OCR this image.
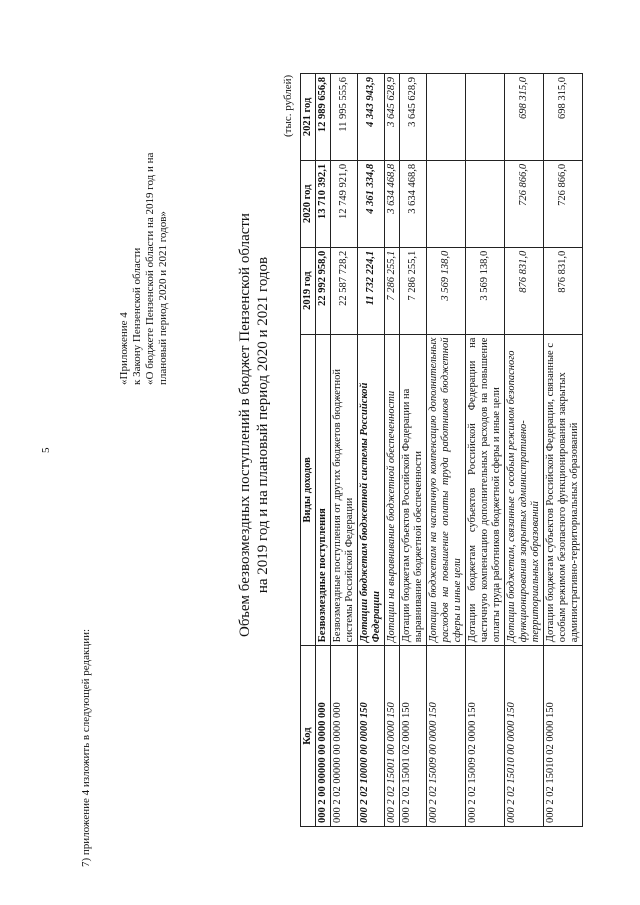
5
7) приложение 4 изложить в следующей редакции:
«Приложение 4 к Закону Пензенской области «О бюджете Пензенской области на 2019 год и на плановый период 2020 и 2021 годов»	Объем безвозмездных поступлений в бюджет Пензенской области на 2019 год и на плановый период 2020 и 2021 годов
(тыс. рублей)
Код	Виды доходов	2019 год	2020 год	2021 год
000 2 00 00000 00 0000 000	Безвозмездные поступления	22 992 958,0	13 710 392,1	12 989 656,8
000 2 02 00000 00 0000 000	Безвозмездные поступления от других бюджетов бюджетной системы Российской Федерации	22 587 728,2	12 749 921,0	11 995 555,6
000 2 02 10000 00 0000 150	Дотации бюджетам бюджетной системы Российской Федерации	11 732 224,1	4 361 334,8	4 343 943,9
000 2 02 15001 00 0000 150	Дотации на выравнивание бюджетной обеспеченности	7 286 255,1	3 634 468,8	3 645 628,9
000 2 02 15001 02 0000 150	Дотации бюджетам субъектов Российской Федерации на выравнивание бюджетной обеспеченности	7 286 255,1	3 634 468,8	3 645 628,9
000 2 02 15009 00 0000 150	Дотации бюджетам на частичную компенсацию дополнительных расходов на повышение оплаты труда работников бюджетной сферы и иные цели	3 569 138,0		
000 2 02 15009 02 0000 150	Дотации бюджетам субъектов Российской Федерации на частичную компенсацию дополнительных расходов на повышение оплаты труда работников бюджетной сферы и иные цели	3 569 138,0		
000 2 02 15010 00 0000 150	Дотации бюджетам, связанные с особым режимом безопасного функционирования закрытых административно-территориальных образований	876 831,0	726 866,0	698 315,0
000 2 02 15010 02 0000 150	Дотации бюджетам субъектов Российской Федерации, связанные с особым режимом безопасного функционирования закрытых административно-территориальных образований	876 831,0	726 866,0	698 315,0
